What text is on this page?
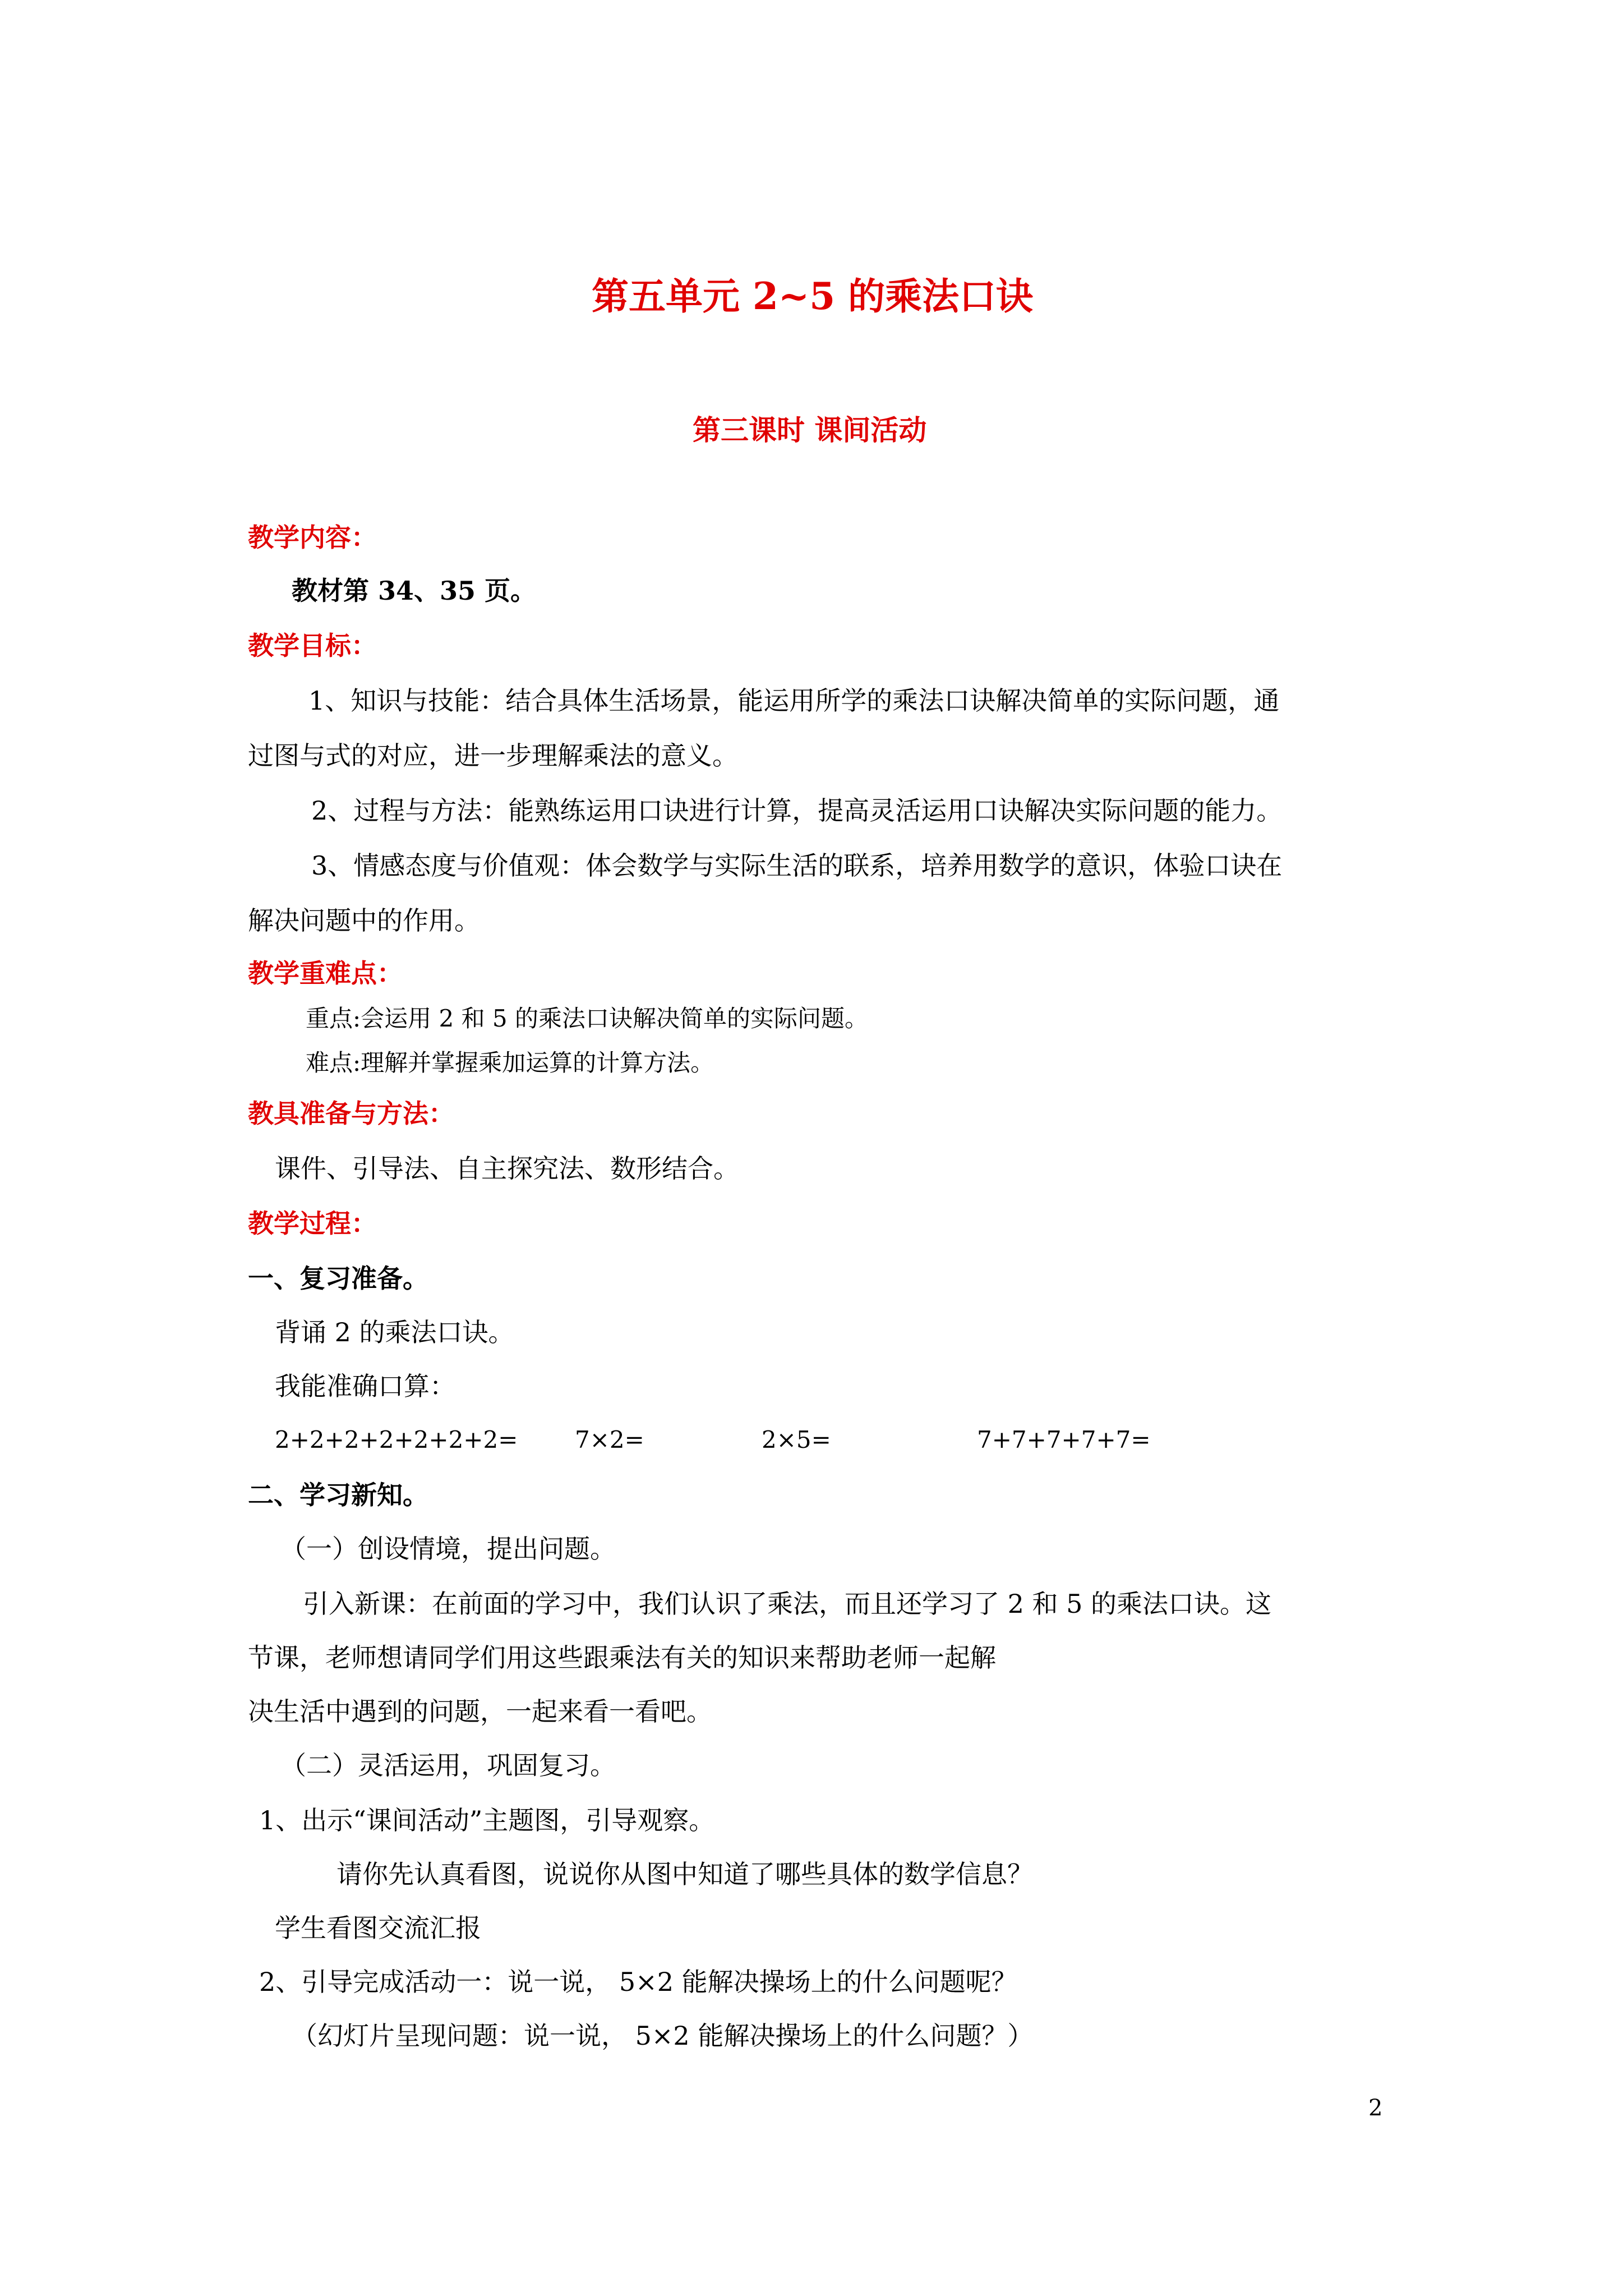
第五单元 2~5 的乘法口诀
第三课时 课间活动
教学内容：
教材第 34、35 页。
教学目标：
1、知识与技能：结合具体生活场景，能运用所学的乘法口诀解决简单的实际问题，通
过图与式的对应，进一步理解乘法的意义。
2、过程与方法：能熟练运用口诀进行计算，提高灵活运用口诀解决实际问题的能力。
3、情感态度与价值观：体会数学与实际生活的联系，培养用数学的意识，体验口诀在
解决问题中的作用。
教学重难点：
重点:会运用 2 和 5 的乘法口诀解决简单的实际问题。
难点:理解并掌握乘加运算的计算方法。
教具准备与方法：
课件、引导法、自主探究法、数形结合。
教学过程：
一、复习准备。
背诵 2 的乘法口诀。
我能准确口算：
2+2+2+2+2+2+2= 7×2=	2×5=	7+7+7+7+7=
二、学习新知。
（一）创设情境，提出问题。
引入新课：在前面的学习中，我们认识了乘法，而且还学习了 2 和 5 的乘法口诀。这
节课，老师想请同学们用这些跟乘法有关的知识来帮助老师一起解
决生活中遇到的问题，一起来看一看吧。
（二）灵活运用，巩固复习。
1、出示“课间活动”主题图，引导观察。
请你先认真看图，说说你从图中知道了哪些具体的数学信息？
学生看图交流汇报
2、引导完成活动一：说一说， 5×2 能解决操场上的什么问题呢？
（幻灯片呈现问题：说一说， 5×2 能解决操场上的什么问题？）
2
